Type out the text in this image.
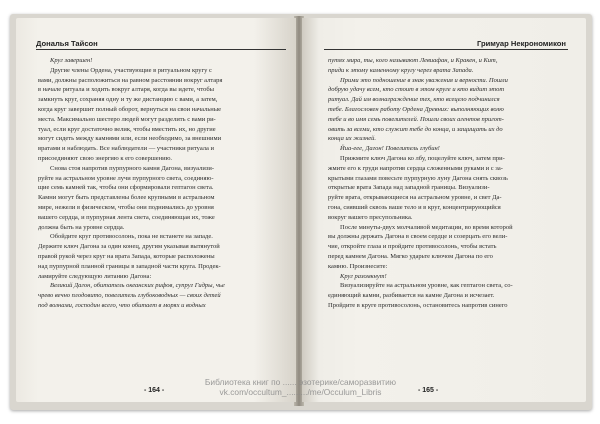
Дональя Тайсон
Круг завершен!
Другие члены Ордена, участвующие в ритуальном кругу с
вами, должны расположиться на равном расстоянии вокруг алтаря
в начале ритуала и ходить вокруг алтаря, когда вы идете, чтобы
замкнуть круг, сохраняя одну и ту же дистанцию с вами, а затем,
когда круг завершит полный оборот, вернуться на свои начальные
места. Максимально шестеро людей могут разделить с вами ри-
туал, если круг достаточно велик, чтобы вместить их, но другие
могут сидеть между камнями или, если необходимо, за внешними
вратами и наблюдать. Все наблюдатели — участники ритуала и
присоединяют свою энергию к его совершению.
Снова стоя напротив пурпурного камня Дагона, визуализи-
руйте на астральном уровне лучи пурпурного света, соединяю-
щие семь камней так, чтобы они сформировали гептагон света.
Камни могут быть представлены более крупными в астральном
мире, нежели в физическом, чтобы они поднимались до уровня
вашего сердца, и пурпурная лента света, соединяющая их, тоже
должна быть на уровне сердца.
Обойдите круг противосолонь, пока не встанете на западе.
Держите ключ Дагона за один конец, другим указывая вытянутой
правой рукой через круг на врата Запада, которые расположены
над пурпурной планной границы в западной части круга. Продек-
ламируйте следующую литанию Дагона:
Великий Дагон, обитатель океанских рифов, супруг Гидры, чье
чрево вечно плодовито, повелитель глубоководных — своих детей
под волнами, господин всего, что обитает в морях и водных
- 164 -
Гримуар Некрономикон
путях мира, ты, кого называют Левиафан, и Кракен, и Кит,
приди к этому каменному кругу через врата Запада.
Прими это подношение в знак уважения и верности. Пошли
добрую удачу всем, кто стоит в этом круге и кто видит этот
ритуал. Дай им вознаграждение тех, кто всецело подчинился
тебе. Благословен работу Ордена Древних: выполняющих волю
тебе и во имя семь повелителей. Пошли своих агентов пригот-
овить за всеми, кто служит тебе до конца, и защищать их до
конца их жизней.
Йиа-еее, Дагон! Повелитель глубин!
Прижмите ключ Дагона ко лбу, поцелуйте ключ, затем при-
жмите его к груди напротив сердца сложенными руками и с за-
крытыми глазами повесьте пурпурную луну Дагона снять сквозь
открытые врата Запада над западной границы. Визуализи-
руйте врата, открывающиеся на астральном уровне, и свет Да-
гона, сиявший сквозь ваше тело и в круг, концентрирующийся
вокруг вашего пресупольника.
После минуты-двух молчаливой медитации, во время которой
вы должны держать Дагона в своем сердце и созерцать его вели-
чие, откройте глаза и пройдите противосолонь, чтобы встать
перед камнем Дагона. Мягко ударьте ключом Дагона по его
камню. Произнесите:
Круг разомкнут!
Визуализируйте на астральном уровне, как гептагон света, со-
единяющий камни, разбивается на камне Дагона и исчезает.
Пройдите в круге противосолонь, остановитесь напротив синего
- 165 -
Библиотека книг по ...... эзотерике/саморазвитию
vk.com/occultum_........./me/Occulum_Libris
